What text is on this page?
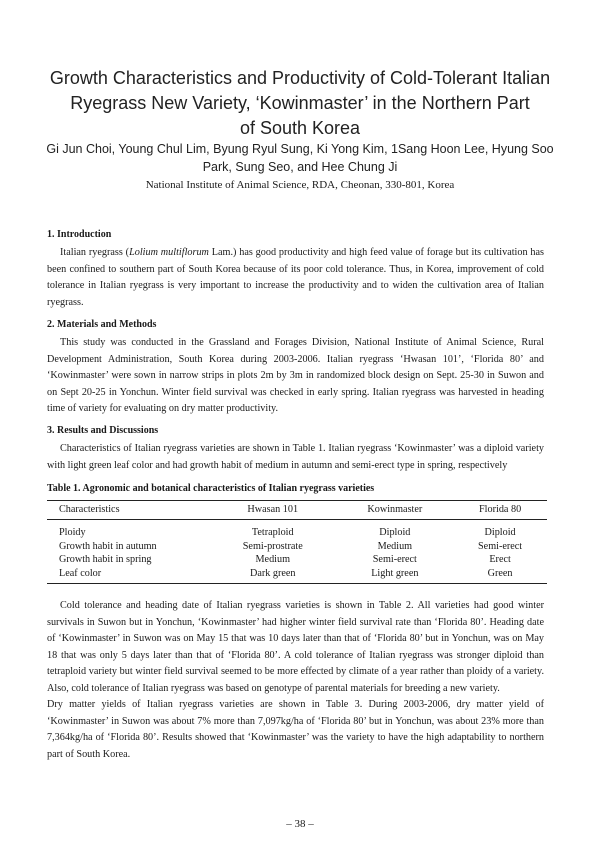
Growth Characteristics and Productivity of Cold-Tolerant Italian
Ryegrass New Variety, ‘Kowinmaster’ in the Northern Part
of South Korea
Gi Jun Choi, Young Chul Lim, Byung Ryul Sung, Ki Yong Kim, 1Sang Hoon Lee, Hyung Soo
Park, Sung Seo, and Hee Chung Ji
National Institute of Animal Science, RDA, Cheonan, 330-801, Korea
1. Introduction

Italian ryegrass (Lolium multiflorum Lam.) has good productivity and high feed value of forage but its cultivation has been confined to southern part of South Korea because of its poor cold tolerance. Thus, in Korea, improvement of cold tolerance in Italian ryegrass is very important to increase the productivity and to widen the cultivation area of Italian ryegrass.

2. Materials and Methods

This study was conducted in the Grassland and Forages Division, National Institute of Animal Science, Rural Development Administration, South Korea during 2003-2006. Italian ryegrass ‘Hwasan 101’, ‘Florida 80’ and ‘Kowinmaster’ were sown in narrow strips in plots 2m by 3m in randomized block design on Sept. 25-30 in Suwon and on Sept 20-25 in Yonchun. Winter field survival was checked in early spring. Italian ryegrass was harvested in heading time of variety for evaluating on dry matter productivity.

3. Results and Discussions

Characteristics of Italian ryegrass varieties are shown in Table 1. Italian ryegrass ‘Kowinmaster’ was a diploid variety with light green leaf color and had growth habit of medium in autumn and semi-erect type in spring, respectively

Table 1. Agronomic and botanical characteristics of Italian ryegrass varieties
Characteristics	Hwasan 101	Kowinmaster	Florida 80
Ploidy	Tetraploid	Diploid	Diploid
Growth habit in autumn	Semi-prostrate	Medium	Semi-erect
Growth habit in spring	Medium	Semi-erect	Erect
Leaf color	Dark green	Light green	Green

Cold tolerance and heading date of Italian ryegrass varieties is shown in Table 2. All varieties had good winter survivals in Suwon but in Yonchun, ‘Kowinmaster’ had higher winter field survival rate than ‘Florida 80’. Heading date of ‘Kowinmaster’ in Suwon was on May 15 that was 10 days later than that of ‘Florida 80’ but in Yonchun, was on May 18 that was only 5 days later than that of ‘Florida 80’. A cold tolerance of Italian ryegrass was stronger diploid than tetraploid variety but winter field survival seemed to be more effected by climate of a year rather than ploidy of a variety. Also, cold tolerance of Italian ryegrass was based on genotype of parental materials for breeding a new variety.

Dry matter yields of Italian ryegrass varieties are shown in Table 3. During 2003-2006, dry matter yield of ‘Kowinmaster’ in Suwon was about 7% more than 7,097kg/ha of ‘Florida 80’ but in Yonchun, was about 23% more than 7,364kg/ha of ‘Florida 80’. Results showed that ‘Kowinmaster’ was the variety to have the high adaptability to northern part of South Korea.

– 38 –
